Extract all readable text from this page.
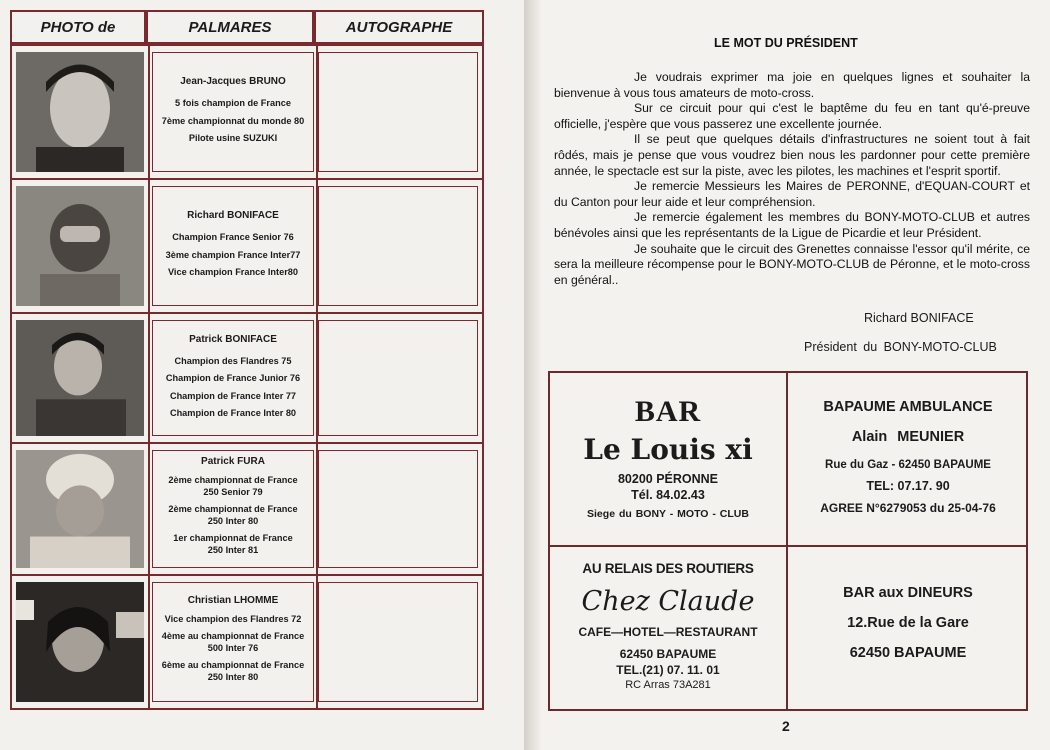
PHOTO de	PALMARES	AUTOGRAPHE
Jean-Jacques BRUNO
5 fois champion de France
7ème championnat du monde 80
Pilote usine SUZUKI
Richard BONIFACE
Champion France Senior 76
3ème champion France Inter77
Vice champion France Inter80
Patrick BONIFACE
Champion des Flandres 75
Champion de France Junior 76
Champion de France Inter 77
Champion de France Inter 80
Patrick FURA
2ème championnat de France
250 Senior 79
2ème championnat de France
250 Inter 80
1er championnat de France
250 Inter 81
Christian LHOMME
Vice champion des Flandres 72
4ème au championnat de France
500 Inter 76
6ème au championnat de France
250 Inter 80
LE MOT DU PRÉSIDENT

Je voudrais exprimer ma joie en quelques lignes et souhaiter la bienvenue à vous tous amateurs de moto-cross.

Sur ce circuit pour qui c'est le baptême du feu en tant qu'é-preuve officielle, j'espère que vous passerez une excellente journée.

Il se peut que quelques détails d'infrastructures ne soient tout à fait rôdés, mais je pense que vous voudrez bien nous les pardonner pour cette première année, le spectacle est sur la piste, avec les pilotes, les machines et l'esprit sportif.

Je remercie Messieurs les Maires de PERONNE, d'EQUAN-COURT et du Canton pour leur aide et leur compréhension.

Je remercie également les membres du BONY-MOTO-CLUB et autres bénévoles ainsi que les représentants de la Ligue de Picardie et leur Président.

Je souhaite que le circuit des Grenettes connaisse l'essor qu'il mérite, ce sera la meilleure récompense pour le BONY-MOTO-CLUB de Péronne, et le moto-cross en général..

Richard BONIFACE
Président du BONY-MOTO-CLUB
BAR
Le Louis xi
80200 PÉRONNE
Tél. 84.02.43
Siege du BONY - MOTO - CLUB
BAPAUME AMBULANCE
Alain MEUNIER
Rue du Gaz - 62450 BAPAUME
TEL: 07.17. 90
AGREE N°6279053 du 25-04-76
AU RELAIS DES ROUTIERS
Chez Claude
CAFE—HOTEL—RESTAURANT
62450 BAPAUME
TEL.(21) 07. 11. 01
RC Arras 73A281
BAR aux DINEURS
12.Rue de la Gare
62450 BAPAUME
2
